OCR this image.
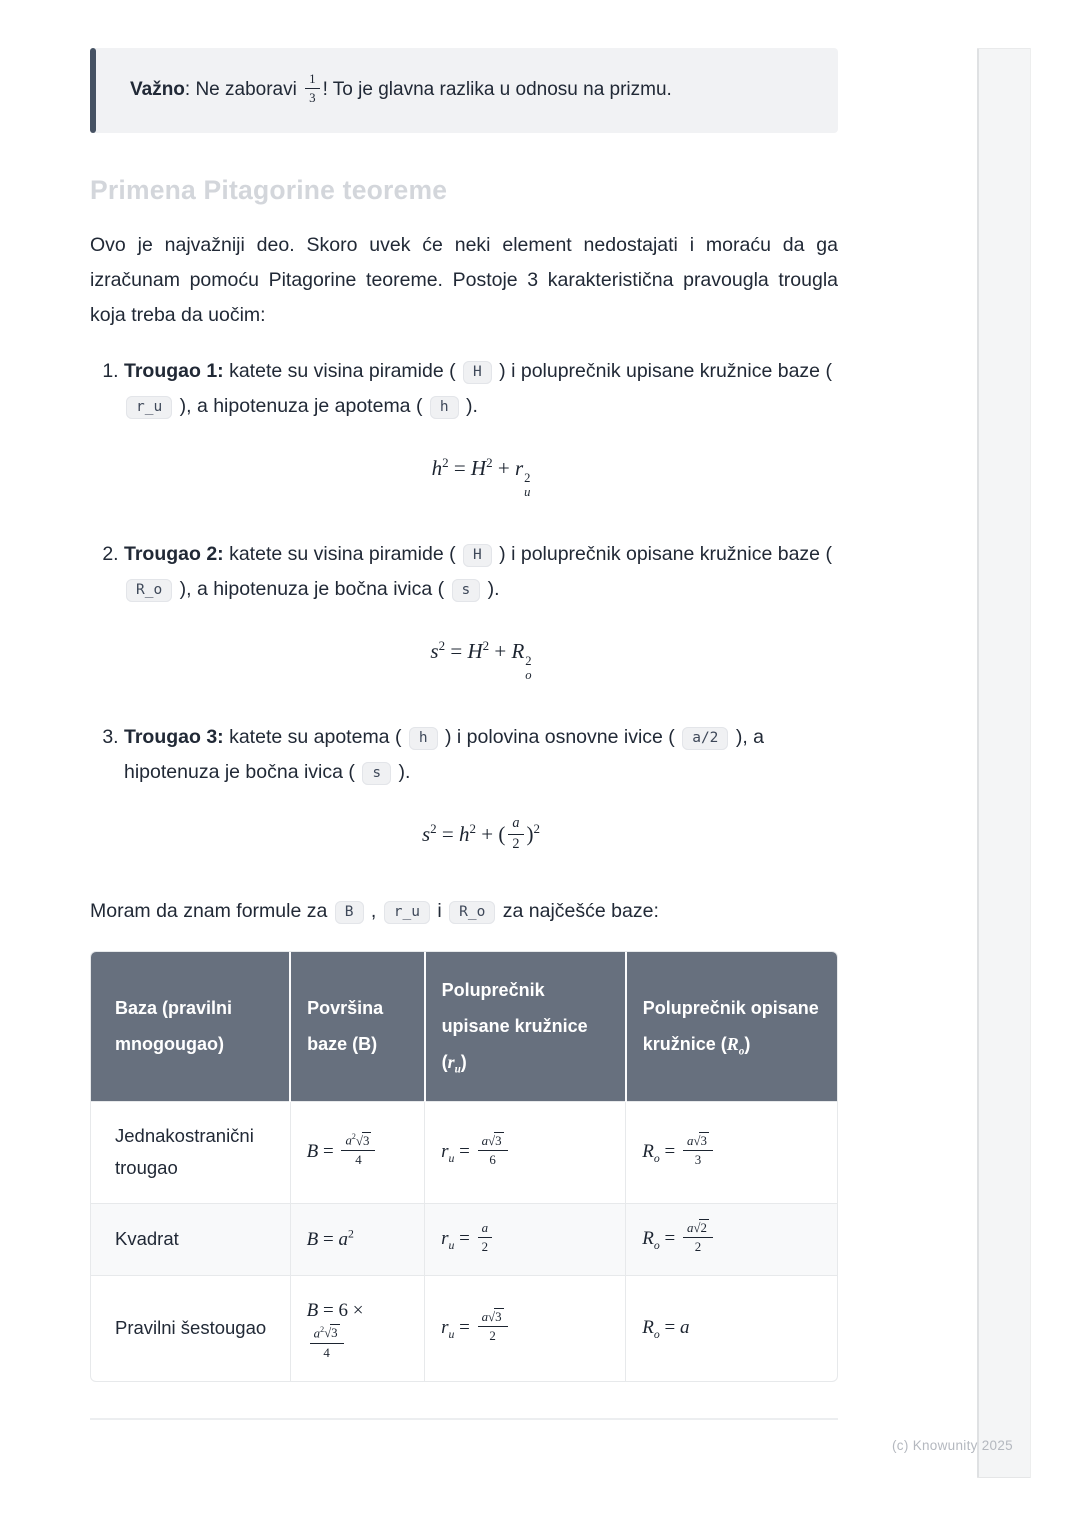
Važno: Ne zaboravi $\frac{1}{3}$ ! To je glavna razlika u odnosu na prizmu.
Primena Pitagorine teoreme

Ovo je najvažniji deo. Skoro uvek će neki element nedostajati i moraću da ga izračunam pomoću Pitagorine teoreme. Postoje 3 karakteristična pravougla trougla koja treba da uočim:

1. Trougao 1: katete su visina piramide ( H ) i poluprečnik upisane kružnice baze ( r_u ), a hipotenuza je apotema ( h ).
$h^2 = H^2 + r$ 2
u
2. Trougao 2: katete su visina piramide ( H ) i poluprečnik opisane kružnice baze ( R_o ), a hipotenuza je bočna ivica ( s ).
$s^2 = H^2 + R$ 2
o
3. Trougao 3: katete su apotema ( h ) i polovina osnovne ivice ( a/2 ), a hipotenuza je bočna ivica ( s ).
$s^2 = h^2$ + ( $\frac{a}{2} )^2$

Moram da znam formule za B , r_u i R_o za najčešće baze:

Baza (pravilni mnogougao)	Površina baze (B)	Poluprečnik upisane kružnice $(r_u)$	Poluprečnik opisane kružnice $(R_o)$
Jednakostranični trougao	$B = \frac{a^2√3}{4}$	$r_u = \frac{a√3}{6}$	$R_o = \frac{a√3}{3}$

Kvadrat	$B = a^2$	$r_u = \frac{a}{2}$	$R_o = \frac{a√2}{2}$

Pravilni šestougao	B = 6 ×
$\frac{a^2√3}{4}$	$r_u = \frac{a√3}{2}$	$R_o = a$
(c) Knowunity 2025
